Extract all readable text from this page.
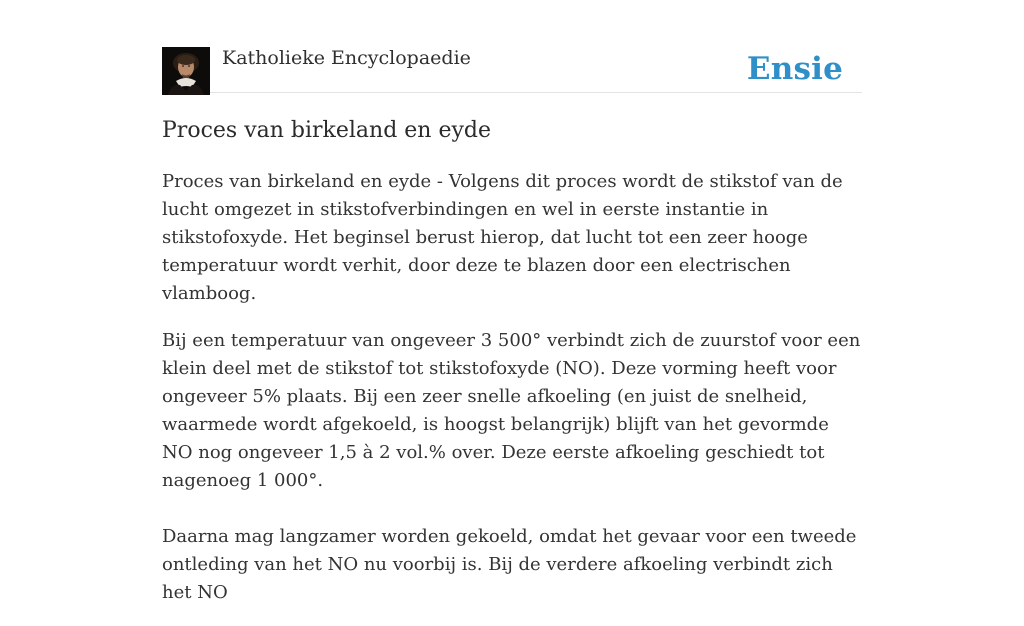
Katholieke Encyclopaedie	Ensie
Proces van birkeland en eyde

Proces van birkeland en eyde - Volgens dit proces wordt de stikstof van de lucht omgezet in stikstofverbindingen en wel in eerste instantie in stikstofoxyde. Het beginsel berust hierop, dat lucht tot een zeer hooge temperatuur wordt verhit, door deze te blazen door een electrischen vlamboog.

Bij een temperatuur van ongeveer 3 500° verbindt zich de zuurstof voor een klein deel met de stikstof tot stikstofoxyde (NO). Deze vorming heeft voor ongeveer 5% plaats. Bij een zeer snelle afkoeling (en juist de snelheid, waarmede wordt afgekoeld, is hoogst belangrijk) blijft van het gevormde NO nog ongeveer 1,5 à 2 vol.% over. Deze eerste afkoeling geschiedt tot nagenoeg 1 000°.

Daarna mag langzamer worden gekoeld, omdat het gevaar voor een tweede ontleding van het NO nu voorbij is. Bij de verdere afkoeling verbindt zich het NO
